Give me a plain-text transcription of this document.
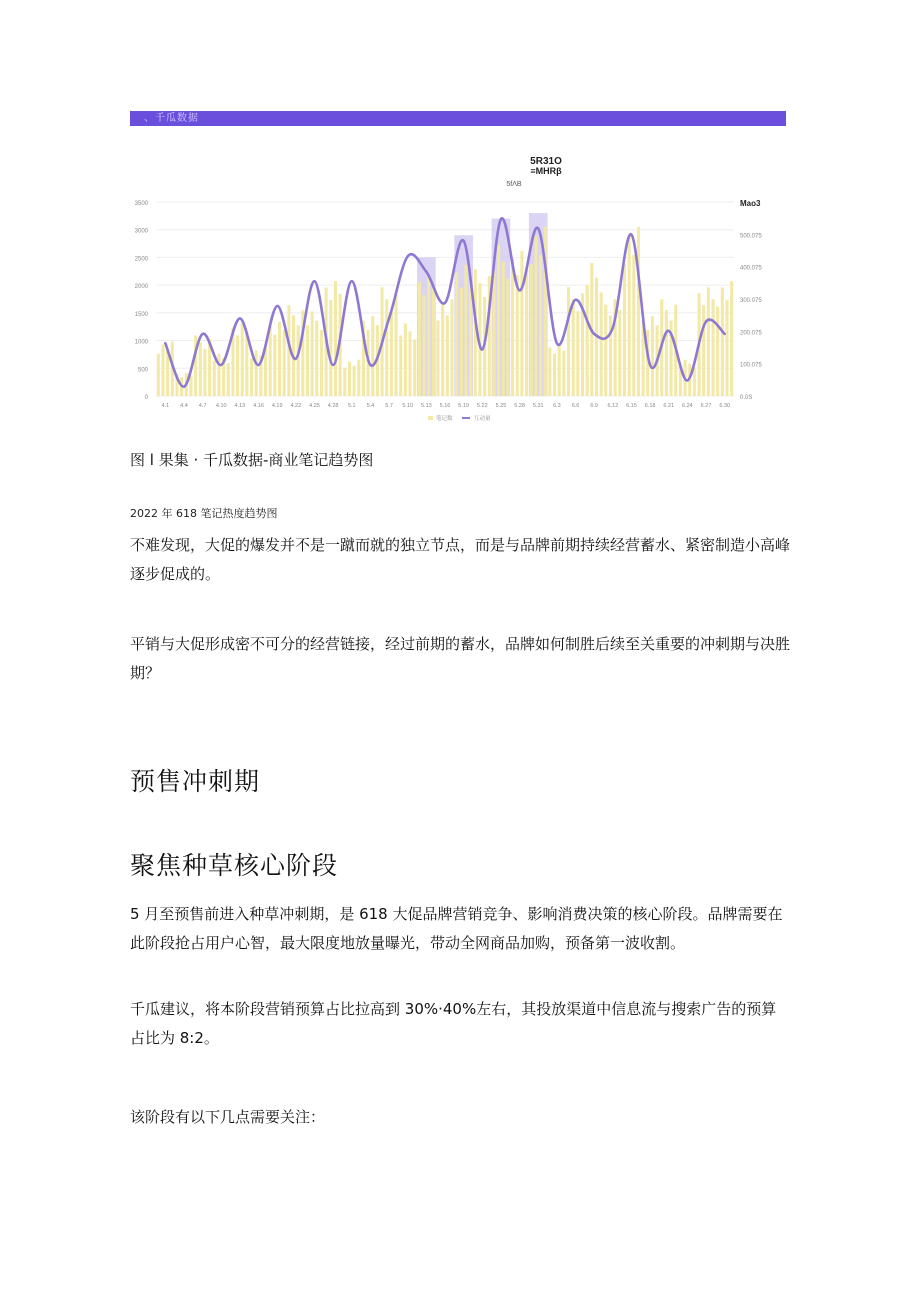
、千瓜数据
5R31O
≡MHRβ
5fΛB
Mao3
0
500
1000
1500
2000
2500
3000
3500
0.0S
100.075
200.075
300.075
400.075
500.075
4.1 4.4 4.7 4.10 4.13 4.16 4.19 4.22 4.25 4.28 5.1 5.4 5.7 5.10 5.13 5.16 5.19 5.22 5.25 5.28 5.31 6.3 6.6 6.9 6.12 6.15 6.18 6.21 6.24 6.27 6.30
笔记数	互动量
图 l 果集 · 千瓜数据-商业笔记趋势图
2022 年 618 笔记热度趋势图
不难发现，大促的爆发并不是一蹴而就的独立节点，而是与品牌前期持续经营蓄水、紧密制造小高峰逐步促成的。
平销与大促形成密不可分的经营链接，经过前期的蓄水，品牌如何制胜后续至关重要的冲刺期与决胜期？
预售冲刺期
聚焦种草核心阶段
5 月至预售前进入种草冲刺期，是 618 大促品牌营销竞争、影响消费决策的核心阶段。品牌需要在此阶段抢占用户心智，最大限度地放量曝光，带动全网商品加购，预备第一波收割。
千瓜建议，将本阶段营销预算占比拉高到 30%·40%左右，其投放渠道中信息流与搜索广告的预算占比为 8:2。
该阶段有以下几点需要关注：
